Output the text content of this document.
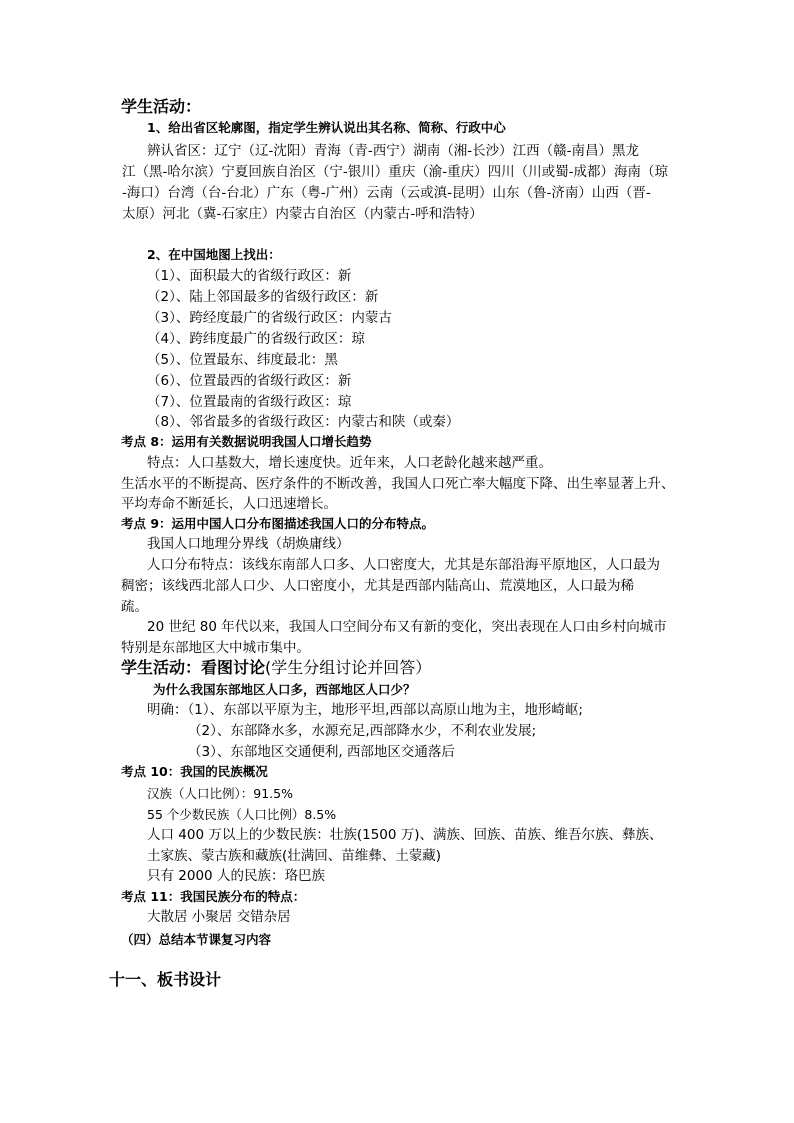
学生活动：
1、给出省区轮廓图，指定学生辨认说出其名称、简称、行政中心
辨认省区：辽宁（辽-沈阳）青海（青-西宁）湖南（湘-长沙）江西（赣-南昌）黑龙
江（黑-哈尔滨）宁夏回族自治区（宁-银川）重庆（渝-重庆）四川（川或蜀-成都）海南（琼
-海口）台湾（台-台北）广东（粤-广州）云南（云或滇-昆明）山东（鲁-济南）山西（晋-
太原）河北（冀-石家庄）内蒙古自治区（内蒙古-呼和浩特）
2、在中国地图上找出：
（1）、面积最大的省级行政区：新
（2）、陆上邻国最多的省级行政区：新
（3）、跨经度最广的省级行政区：内蒙古
（4）、跨纬度最广的省级行政区：琼
（5）、位置最东、纬度最北：黑
（6）、位置最西的省级行政区：新
（7）、位置最南的省级行政区：琼
（8）、邻省最多的省级行政区：内蒙古和陕（或秦）
考点 8：运用有关数据说明我国人口增长趋势
特点：人口基数大，增长速度快。近年来，人口老龄化越来越严重。
生活水平的不断提高、医疗条件的不断改善，我国人口死亡率大幅度下降、出生率显著上升、
平均寿命不断延长，人口迅速增长。
考点 9：运用中国人口分布图描述我国人口的分布特点。
我国人口地理分界线（胡焕庸线）
人口分布特点：该线东南部人口多、人口密度大，尤其是东部沿海平原地区，人口最为
稠密；该线西北部人口少、人口密度小，尤其是西部内陆高山、荒漠地区，人口最为稀
疏。
20 世纪 80 年代以来，我国人口空间分布又有新的变化，突出表现在人口由乡村向城市
特别是东部地区大中城市集中。
学生活动：看图讨论(学生分组讨论并回答）
为什么我国东部地区人口多，西部地区人口少？
明确：（1）、东部以平原为主，地形平坦,西部以高原山地为主，地形崎岖;
（2）、东部降水多，水源充足,西部降水少，不利农业发展;
（3）、东部地区交通便利, 西部地区交通落后
考点 10：我国的民族概况
汉族（人口比例）：91.5%
55 个少数民族（人口比例）8.5%
人口 400 万以上的少数民族：壮族(1500 万)、满族、回族、苗族、维吾尔族、彝族、
土家族、蒙古族和藏族(壮满回、苗维彝、土蒙藏)
只有 2000 人的民族：珞巴族
考点 11：我国民族分布的特点：
大散居 小聚居 交错杂居
（四）总结本节课复习内容
十一、板书设计
